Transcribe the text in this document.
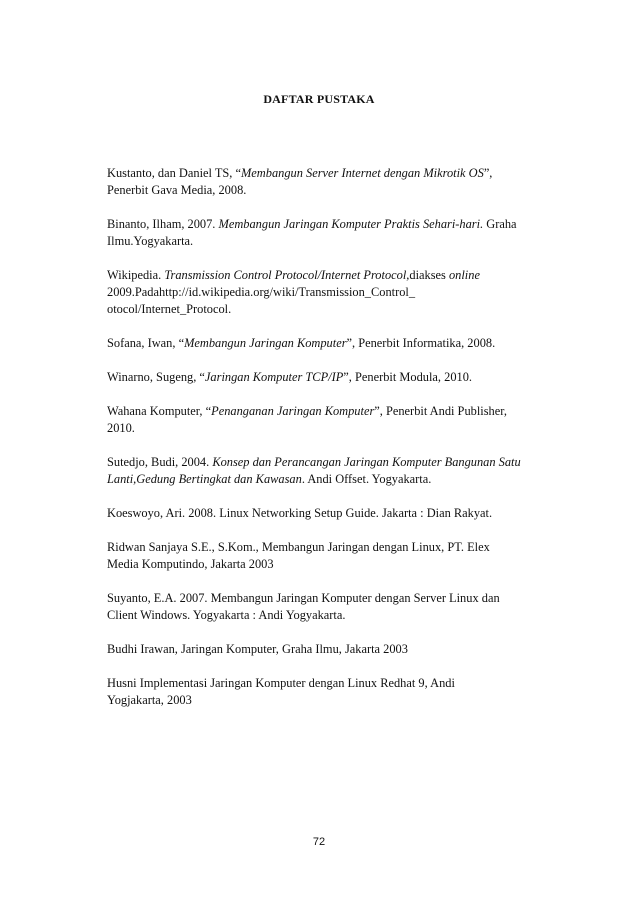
DAFTAR PUSTAKA
Kustanto, dan Daniel TS, “Membangun Server Internet dengan Mikrotik OS”,
Penerbit Gava Media, 2008.
Binanto, Ilham, 2007. Membangun Jaringan Komputer Praktis Sehari-hari. Graha
Ilmu.Yogyakarta.
Wikipedia. Transmission Control Protocol/Internet Protocol,diakses online
2009.Padahttp://id.wikipedia.org/wiki/Transmission_Control_
otocol/Internet_Protocol.
Sofana, Iwan, “Membangun Jaringan Komputer”, Penerbit Informatika, 2008.
Winarno, Sugeng, “Jaringan Komputer TCP/IP”, Penerbit Modula, 2010.
Wahana Komputer, “Penanganan Jaringan Komputer”, Penerbit Andi Publisher,
2010.
Sutedjo, Budi, 2004. Konsep dan Perancangan Jaringan Komputer Bangunan Satu
Lanti,Gedung Bertingkat dan Kawasan. Andi Offset. Yogyakarta.
Koeswoyo, Ari. 2008. Linux Networking Setup Guide. Jakarta : Dian Rakyat.
Ridwan Sanjaya S.E., S.Kom., Membangun Jaringan dengan Linux, PT. Elex
Media Komputindo, Jakarta 2003
Suyanto, E.A. 2007. Membangun Jaringan Komputer dengan Server Linux dan
Client Windows. Yogyakarta : Andi Yogyakarta.
Budhi Irawan, Jaringan Komputer, Graha Ilmu, Jakarta 2003
Husni Implementasi Jaringan Komputer dengan Linux Redhat 9, Andi
Yogjakarta, 2003
72
